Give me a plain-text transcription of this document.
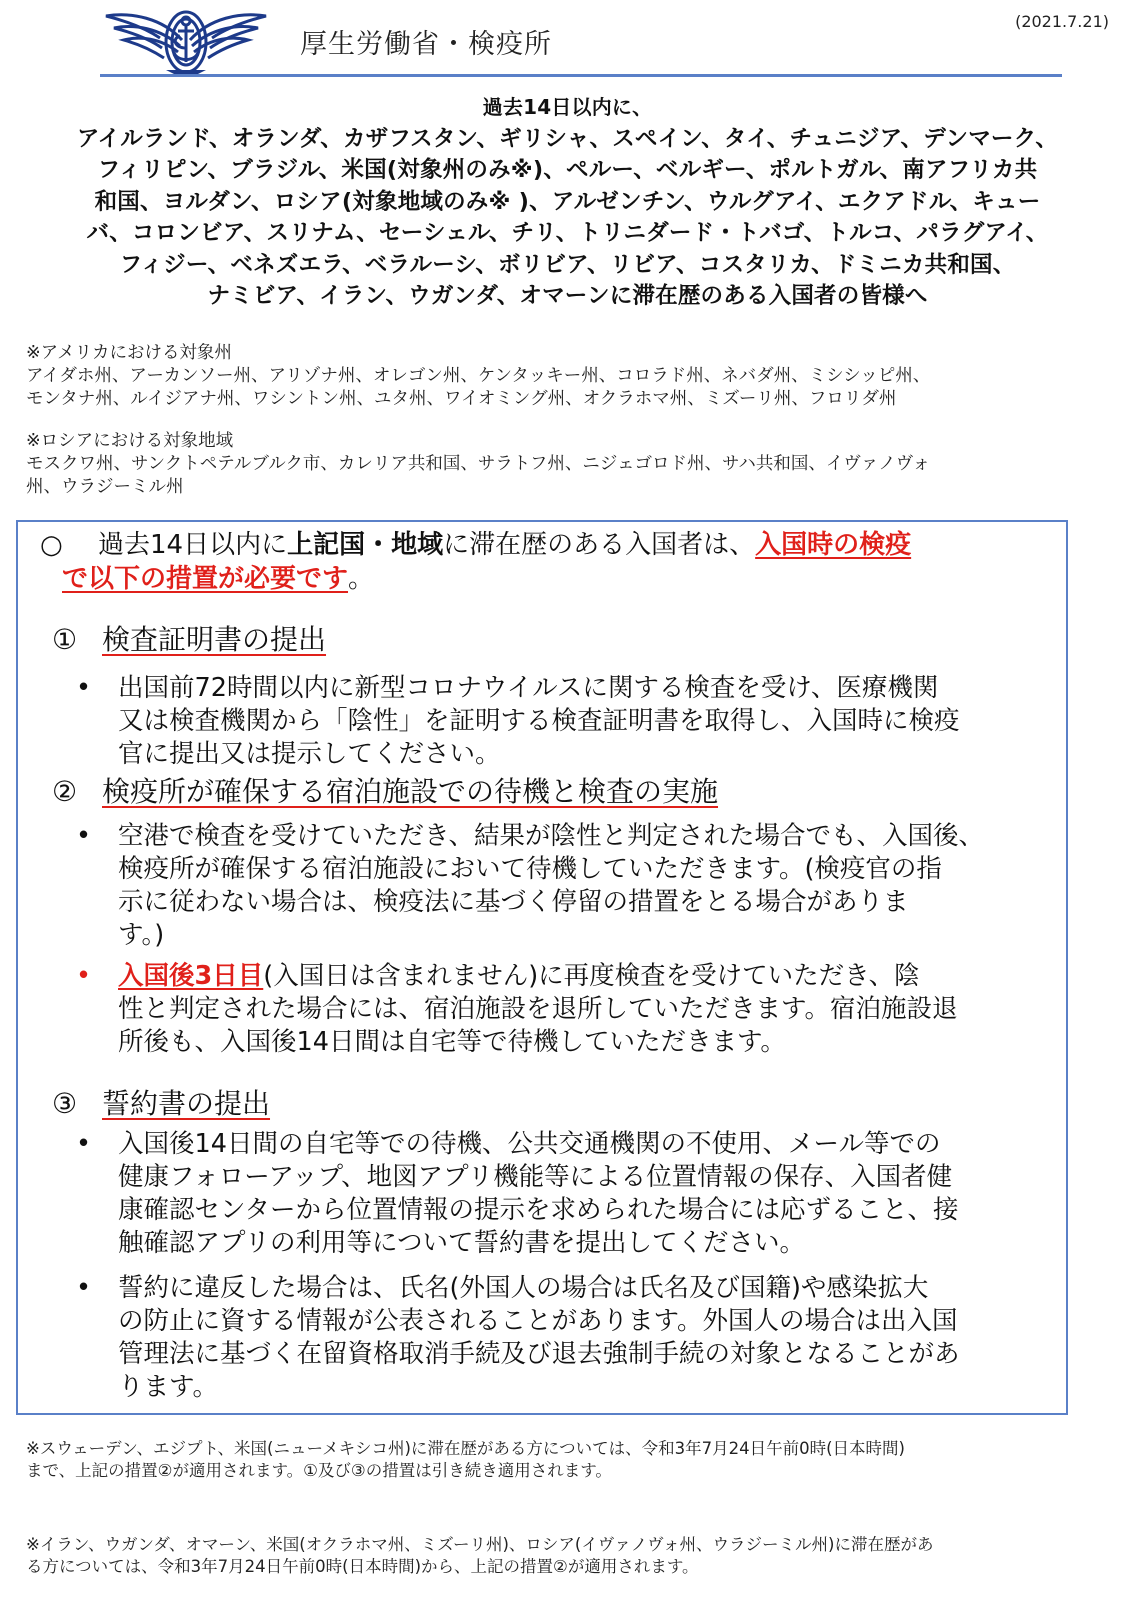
厚生労働省・検疫所
(2021.7.21)
過去14日以内に、
アイルランド、オランダ、カザフスタン、ギリシャ、スペイン、タイ、チュニジア、デンマーク、
フィリピン、ブラジル、米国(対象州のみ※)、ペルー、ベルギー、ポルトガル、南アフリカ共
和国、ヨルダン、ロシア(対象地域のみ※ )、アルゼンチン、ウルグアイ、エクアドル、キュー
バ、コロンビア、スリナム、セーシェル、チリ、トリニダード・トバゴ、トルコ、パラグアイ、
フィジー、ベネズエラ、ベラルーシ、ボリビア、リビア、コスタリカ、ドミニカ共和国、
ナミビア、イラン、ウガンダ、オマーンに滞在歴のある入国者の皆様へ
※アメリカにおける対象州
アイダホ州、アーカンソー州、アリゾナ州、オレゴン州、ケンタッキー州、コロラド州、ネバダ州、ミシシッピ州、
モンタナ州、ルイジアナ州、ワシントン州、ユタ州、ワイオミング州、オクラホマ州、ミズーリ州、フロリダ州
※ロシアにおける対象地域
モスクワ州、サンクトペテルブルク市、カレリア共和国、サラトフ州、ニジェゴロド州、サハ共和国、イヴァノヴォ
州、ウラジーミル州
○ 過去14日以内に上記国・地域に滞在歴のある入国者は、入国時の検疫
で以下の措置が必要です。
① 検査証明書の提出
•	出国前72時間以内に新型コロナウイルスに関する検査を受け、医療機関
又は検査機関から「陰性」を証明する検査証明書を取得し、入国時に検疫
官に提出又は提示してください。
② 検疫所が確保する宿泊施設での待機と検査の実施
•	空港で検査を受けていただき、結果が陰性と判定された場合でも、入国後、
検疫所が確保する宿泊施設において待機していただきます。(検疫官の指
示に従わない場合は、検疫法に基づく停留の措置をとる場合がありま
す。)
•	入国後3日目(入国日は含まれません)に再度検査を受けていただき、陰
性と判定された場合には、宿泊施設を退所していただきます。宿泊施設退
所後も、入国後14日間は自宅等で待機していただきます。
③ 誓約書の提出
•	入国後14日間の自宅等での待機、公共交通機関の不使用、メール等での
健康フォローアップ、地図アプリ機能等による位置情報の保存、入国者健
康確認センターから位置情報の提示を求められた場合には応ずること、接
触確認アプリの利用等について誓約書を提出してください。
•	誓約に違反した場合は、氏名(外国人の場合は氏名及び国籍)や感染拡大
の防止に資する情報が公表されることがあります。外国人の場合は出入国
管理法に基づく在留資格取消手続及び退去強制手続の対象となることがあ
ります。
※スウェーデン、エジプト、米国(ニューメキシコ州)に滞在歴がある方については、令和3年7月24日午前0時(日本時間)
まで、上記の措置②が適用されます。①及び③の措置は引き続き適用されます。
※イラン、ウガンダ、オマーン、米国(オクラホマ州、ミズーリ州)、ロシア(イヴァノヴォ州、ウラジーミル州)に滞在歴があ
る方については、令和3年7月24日午前0時(日本時間)から、上記の措置②が適用されます。
